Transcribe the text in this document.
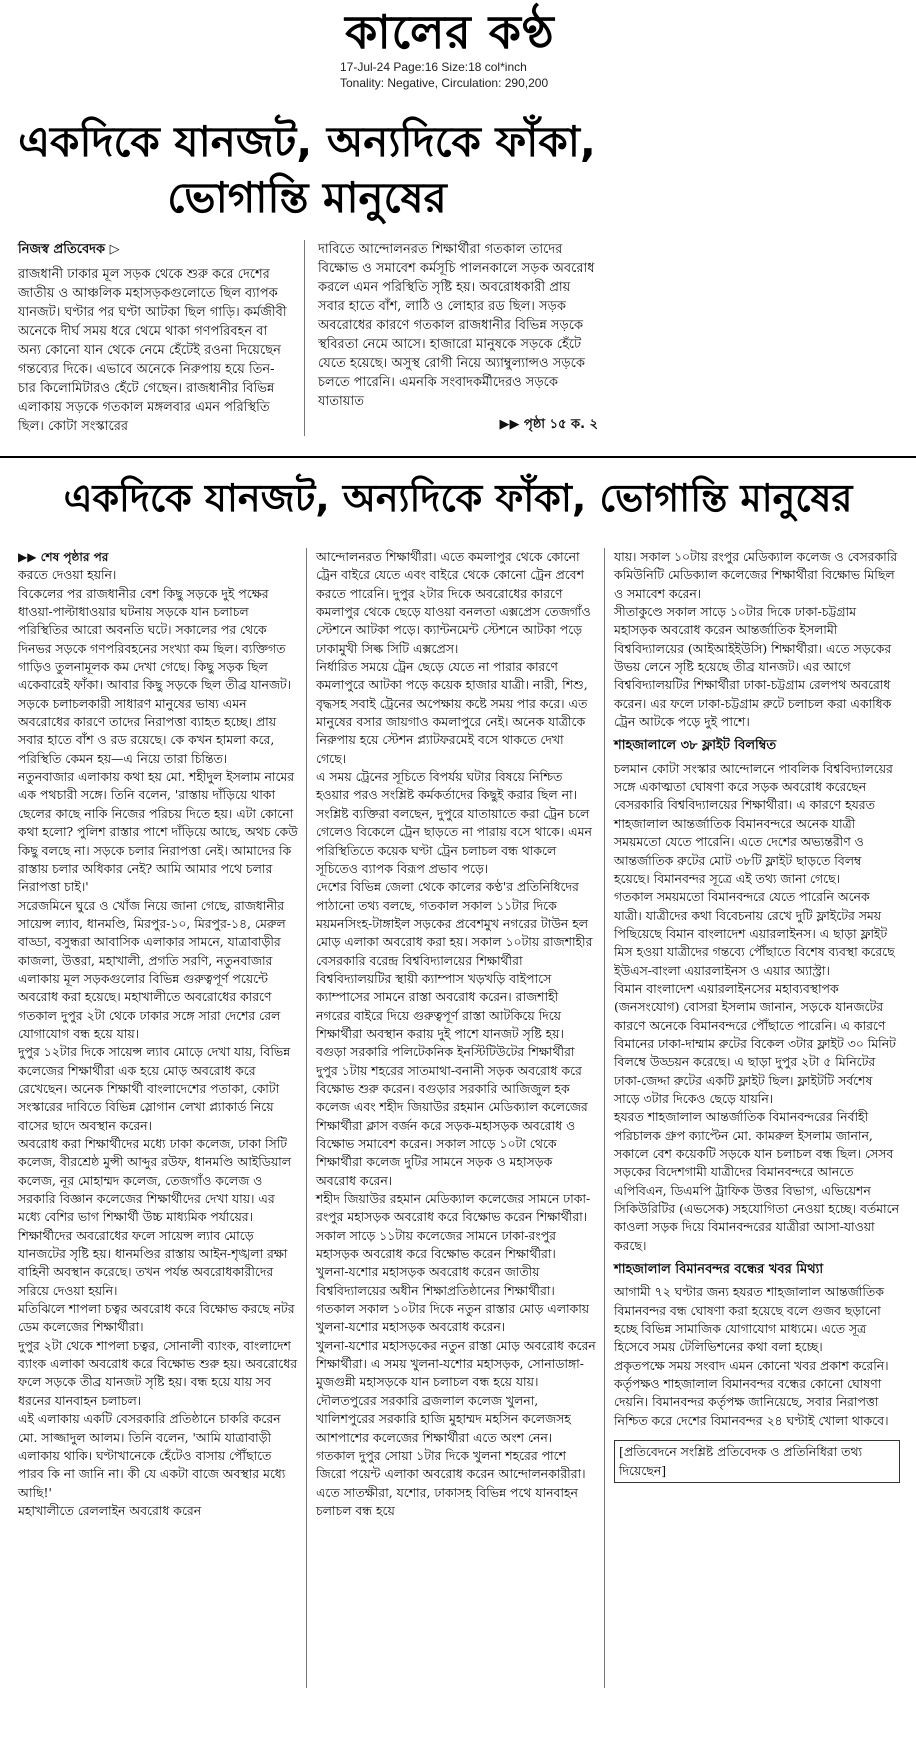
কালের কণ্ঠ
17-Jul-24 Page:16 Size:18 col*inch
Tonality: Negative, Circulation: 290,200
একদিকে যানজট, অন্যদিকে ফাঁকা, ভোগান্তি মানুষের

নিজস্ব প্রতিবেদক ▷

রাজধানী ঢাকার মূল সড়ক থেকে শুরু করে দেশের জাতীয় ও আঞ্চলিক মহাসড়কগুলোতে ছিল ব্যাপক যানজট। ঘণ্টার পর ঘণ্টা আটকা ছিল গাড়ি। কর্মজীবী অনেকে দীর্ঘ সময় ধরে থেমে থাকা গণপরিবহন বা অন্য কোনো যান থেকে নেমে হেঁটেই রওনা দিয়েছেন গন্তব্যের দিকে। এভাবে অনেকে নিরুপায় হয়ে তিন-চার কিলোমিটারও হেঁটে গেছেন। রাজধানীর বিভিন্ন এলাকায় সড়কে গতকাল মঙ্গলবার এমন পরিস্থিতি ছিল। কোটা সংস্কারের

দাবিতে আন্দোলনরত শিক্ষার্থীরা গতকাল তাদের বিক্ষোভ ও সমাবেশ কর্মসূচি পালনকালে সড়ক অবরোধ করলে এমন পরিস্থিতি সৃষ্টি হয়। অবরোধকারী প্রায় সবার হাতে বাঁশ, লাঠি ও লোহার রড ছিল। সড়ক অবরোধের কারণে গতকাল রাজধানীর বিভিন্ন সড়কে স্থবিরতা নেমে আসে। হাজারো মানুষকে সড়কে হেঁটে যেতে হয়েছে। অসুস্থ রোগী নিয়ে অ্যাম্বুল্যান্সও সড়কে চলতে পারেনি। এমনকি সংবাদকর্মীদেরও সড়কে যাতায়াত

▶▶ পৃষ্ঠা ১৫ ক. ২

একদিকে যানজট, অন্যদিকে ফাঁকা, ভোগান্তি মানুষের

▶▶ শেষ পৃষ্ঠার পর

করতে দেওয়া হয়নি।

বিকেলের পর রাজধানীর বেশ কিছু সড়কে দুই পক্ষের ধাওয়া-পাল্টাধাওয়ার ঘটনায় সড়কে যান চলাচল পরিস্থিতির আরো অবনতি ঘটে। সকালের পর থেকে দিনভর সড়কে গণপরিবহনের সংখ্যা কম ছিল। ব্যক্তিগত গাড়িও তুলনামূলক কম দেখা গেছে। কিছু সড়ক ছিল একেবারেই ফাঁকা। আবার কিছু সড়কে ছিল তীব্র যানজট।

সড়কে চলাচলকারী সাধারণ মানুষের ভাষ্য এমন অবরোধের কারণে তাদের নিরাপত্তা ব্যাহত হচ্ছে। প্রায় সবার হাতে বাঁশ ও রড রয়েছে। কে কখন হামলা করে, পরিস্থিতি কেমন হয়—এ নিয়ে তারা চিন্তিত।

নতুনবাজার এলাকায় কথা হয় মো. শহীদুল ইসলাম নামের এক পথচারী সঙ্গে। তিনি বলেন, 'রাস্তায় দাঁড়িয়ে থাকা ছেলের কাছে নাকি নিজের পরিচয় দিতে হয়। এটা কোনো কথা হলো? পুলিশ রাস্তার পাশে দাঁড়িয়ে আছে, অথচ কেউ কিছু বলছে না। সড়কে চলার নিরাপত্তা নেই। আমাদের কি রাস্তায় চলার অধিকার নেই? আমি আমার পথে চলার নিরাপত্তা চাই।'

সরেজমিনে ঘুরে ও খোঁজ নিয়ে জানা গেছে, রাজধানীর সায়েন্স ল্যাব, ধানমণ্ডি, মিরপুর-১০, মিরপুর-১৪, মেরুল বাড্ডা, বসুন্ধরা আবাসিক এলাকার সামনে, যাত্রাবাড়ীর কাজলা, উত্তরা, মহাখালী, প্রগতি সরণি, নতুনবাজার এলাকায় মূল সড়কগুলোর বিভিন্ন গুরুত্বপূর্ণ পয়েন্টে অবরোধ করা হয়েছে। মহাখালীতে অবরোধের কারণে গতকাল দুপুর ২টা থেকে ঢাকার সঙ্গে সারা দেশের রেল যোগাযোগ বন্ধ হয়ে যায়।

দুপুর ১২টার দিকে সায়েন্স ল্যাব মোড়ে দেখা যায়, বিভিন্ন কলেজের শিক্ষার্থীরা এক হয়ে মোড় অবরোধ করে রেখেছেন। অনেক শিক্ষার্থী বাংলাদেশের পতাকা, কোটা সংস্কারের দাবিতে বিভিন্ন স্লোগান লেখা প্ল্যাকার্ড নিয়ে বাসের ছাদে অবস্থান করেন।

অবরোধ করা শিক্ষার্থীদের মধ্যে ঢাকা কলেজ, ঢাকা সিটি কলেজ, বীরশ্রেষ্ঠ মুন্সী আব্দুর রউফ, ধানমণ্ডি আইডিয়াল কলেজ, নূর মোহাম্মদ কলেজ, তেজগাঁও কলেজ ও সরকারি বিজ্ঞান কলেজের শিক্ষার্থীদের দেখা যায়। এর মধ্যে বেশির ভাগ শিক্ষার্থী উচ্চ মাধ্যমিক পর্যায়ের।

শিক্ষার্থীদের অবরোধের ফলে সায়েন্স ল্যাব মোড়ে যানজটের সৃষ্টি হয়। ধানমণ্ডির রাস্তায় আইন-শৃঙ্খলা রক্ষা বাহিনী অবস্থান করেছে। তখন পর্যন্ত অবরোধকারীদের সরিয়ে দেওয়া হয়নি।

মতিঝিলে শাপলা চত্বর অবরোধ করে বিক্ষোভ করছে নটর ডেম কলেজের শিক্ষার্থীরা।

দুপুর ২টা থেকে শাপলা চত্বর, সোনালী ব্যাংক, বাংলাদেশ ব্যাংক এলাকা অবরোধ করে বিক্ষোভ শুরু হয়। অবরোধের ফলে সড়কে তীব্র যানজট সৃষ্টি হয়। বন্ধ হয়ে যায় সব ধরনের যানবাহন চলাচল।

এই এলাকায় একটি বেসরকারি প্রতিষ্ঠানে চাকরি করেন মো. সাজ্জাদুল আলম। তিনি বলেন, 'আমি যাত্রাবাড়ী এলাকায় থাকি। ঘণ্টাখানেকে হেঁটেও বাসায় পৌঁছাতে পারব কি না জানি না। কী যে একটা বাজে অবস্থার মধ্যে আছি!'

মহাখালীতে রেললাইন অবরোধ করেন

আন্দোলনরত শিক্ষার্থীরা। এতে কমলাপুর থেকে কোনো ট্রেন বাইরে যেতে এবং বাইরে থেকে কোনো ট্রেন প্রবেশ করতে পারেনি। দুপুর ২টার দিকে অবরোধের কারণে কমলাপুর থেকে ছেড়ে যাওয়া বনলতা এক্সপ্রেস তেজগাঁও স্টেশনে আটকা পড়ে। ক্যান্টনমেন্ট স্টেশনে আটকা পড়ে ঢাকামুখী সিল্ক সিটি এক্সপ্রেস।

নির্ধারিত সময়ে ট্রেন ছেড়ে যেতে না পারার কারণে কমলাপুরে আটকা পড়ে কয়েক হাজার যাত্রী। নারী, শিশু, বৃদ্ধসহ সবাই ট্রেনের অপেক্ষায় কষ্টে সময় পার করে। এত মানুষের বসার জায়গাও কমলাপুরে নেই। অনেক যাত্রীকে নিরুপায় হয়ে স্টেশন প্ল্যাটফরমেই বসে থাকতে দেখা গেছে।

এ সময় ট্রেনের সূচিতে বিপর্যয় ঘটার বিষয়ে নিশ্চিত হওয়ার পরও সংশ্লিষ্ট কর্মকর্তাদের কিছুই করার ছিল না। সংশ্লিষ্ট ব্যক্তিরা বলছেন, দুপুরে যাতায়াতে করা ট্রেন চলে গেলেও বিকেলে ট্রেন ছাড়তে না পারায় বসে থাকে। এমন পরিস্থিতিতে কয়েক ঘণ্টা ট্রেন চলাচল বন্ধ থাকলে সূচিতেও ব্যাপক বিরূপ প্রভাব পড়ে।

দেশের বিভিন্ন জেলা থেকে কালের কণ্ঠ'র প্রতিনিধিদের পাঠানো তথ্য বলছে, গতকাল সকাল ১১টার দিকে ময়মনসিংহ-টাঙ্গাইল সড়কের প্রবেশমুখ নগরের টাউন হল মোড় এলাকা অবরোধ করা হয়। সকাল ১০টায় রাজশাহীর বেসরকারি বরেন্দ্র বিশ্ববিদ্যালয়ের শিক্ষার্থীরা বিশ্ববিদ্যালয়টির স্থায়ী ক্যাম্পাস খড়খড়ি বাইপাসে ক্যাম্পাসের সামনে রাস্তা অবরোধ করেন। রাজশাহী নগরের বাইরে দিয়ে গুরুত্বপূর্ণ রাস্তা আটকিয়ে দিয়ে শিক্ষার্থীরা অবস্থান করায় দুই পাশে যানজট সৃষ্টি হয়।

বগুড়া সরকারি পলিটেকনিক ইনস্টিটিউটের শিক্ষার্থীরা দুপুর ১টায় শহরের সাতমাথা-বনানী সড়ক অবরোধ করে বিক্ষোভ শুরু করেন। বগুড়ার সরকারি আজিজুল হক কলেজ এবং শহীদ জিয়াউর রহমান মেডিক্যাল কলেজের শিক্ষার্থীরা ক্লাস বর্জন করে সড়ক-মহাসড়ক অবরোধ ও বিক্ষোভ সমাবেশ করেন। সকাল সাড়ে ১০টা থেকে শিক্ষার্থীরা কলেজ দুটির সামনে সড়ক ও মহাসড়ক অবরোধ করেন।

শহীদ জিয়াউর রহমান মেডিক্যাল কলেজের সামনে ঢাকা-রংপুর মহাসড়ক অবরোধ করে বিক্ষোভ করেন শিক্ষার্থীরা। সকাল সাড়ে ১১টায় কলেজের সামনে ঢাকা-রংপুর মহাসড়ক অবরোধ করে বিক্ষোভ করেন শিক্ষার্থীরা।

খুলনা-যশোর মহাসড়ক অবরোধ করেন জাতীয় বিশ্ববিদ্যালয়ের অধীন শিক্ষাপ্রতিষ্ঠানের শিক্ষার্থীরা। গতকাল সকাল ১০টার দিকে নতুন রাস্তার মোড় এলাকায় খুলনা-যশোর মহাসড়ক অবরোধ করেন।

খুলনা-যশোর মহাসড়কের নতুন রাস্তা মোড় অবরোধ করেন শিক্ষার্থীরা। এ সময় খুলনা-যশোর মহাসড়ক, সোনাডাঙ্গা-মুজগুন্নী মহাসড়কে যান চলাচল বন্ধ হয়ে যায়। দৌলতপুরের সরকারি ব্রজলাল কলেজ খুলনা, খালিশপুরের সরকারি হাজি মুহাম্মদ মহসিন কলেজসহ আশপাশের কলেজের শিক্ষার্থীরা এতে অংশ নেন।

গতকাল দুপুর সোয়া ১টার দিকে খুলনা শহরের পাশে জিরো পয়েন্ট এলাকা অবরোধ করেন আন্দোলনকারীরা। এতে সাতক্ষীরা, যশোর, ঢাকাসহ বিভিন্ন পথে যানবাহন চলাচল বন্ধ হয়ে

যায়। সকাল ১০টায় রংপুর মেডিক্যাল কলেজ ও বেসরকারি কমিউনিটি মেডিক্যাল কলেজের শিক্ষার্থীরা বিক্ষোভ মিছিল ও সমাবেশ করেন।

সীতাকুণ্ডে সকাল সাড়ে ১০টার দিকে ঢাকা-চট্টগ্রাম মহাসড়ক অবরোধ করেন আন্তর্জাতিক ইসলামী বিশ্ববিদ্যালয়ের (আইআইইউসি) শিক্ষার্থীরা। এতে সড়কের উভয় লেনে সৃষ্টি হয়েছে তীব্র যানজট। এর আগে বিশ্ববিদ্যালয়টির শিক্ষার্থীরা ঢাকা-চট্টগ্রাম রেলপথ অবরোধ করেন। এর ফলে ঢাকা-চট্টগ্রাম রুটে চলাচল করা একাধিক ট্রেন আটকে পড়ে দুই পাশে।

শাহজালালে ৩৮ ফ্লাইট বিলম্বিত

চলমান কোটা সংস্কার আন্দোলনে পাবলিক বিশ্ববিদ্যালয়ের সঙ্গে একাত্মতা ঘোষণা করে সড়ক অবরোধ করেছেন বেসরকারি বিশ্ববিদ্যালয়ের শিক্ষার্থীরা। এ কারণে হযরত শাহজালাল আন্তর্জাতিক বিমানবন্দরে অনেক যাত্রী সময়মতো যেতে পারেনি। এতে দেশের অভ্যন্তরীণ ও আন্তর্জাতিক রুটের মোট ৩৮টি ফ্লাইট ছাড়তে বিলম্ব হয়েছে। বিমানবন্দর সূত্রে এই তথ্য জানা গেছে।

গতকাল সময়মতো বিমানবন্দরে যেতে পারেনি অনেক যাত্রী। যাত্রীদের কথা বিবেচনায় রেখে দুটি ফ্লাইটের সময় পিছিয়েছে বিমান বাংলাদেশ এয়ারলাইনস। এ ছাড়া ফ্লাইট মিস হওয়া যাত্রীদের গন্তব্যে পৌঁছাতে বিশেষ ব্যবস্থা করেছে ইউএস-বাংলা এয়ারলাইনস ও এয়ার অ্যাস্ট্রা।

বিমান বাংলাদেশ এয়ারলাইনসের মহাব্যবস্থাপক (জনসংযোগ) বোসরা ইসলাম জানান, সড়কে যানজটের কারণে অনেকে বিমানবন্দরে পৌঁছাতে পারেনি। এ কারণে বিমানের ঢাকা-দাম্মাম রুটের বিকেল ৩টার ফ্লাইট ৩০ মিনিট বিলম্বে উড্ডয়ন করেছে। এ ছাড়া দুপুর ২টা ৫ মিনিটের ঢাকা-জেদ্দা রুটের একটি ফ্লাইট ছিল। ফ্লাইটটি সর্বশেষ সাড়ে ৩টার দিকেও ছেড়ে যায়নি।

হযরত শাহজালাল আন্তর্জাতিক বিমানবন্দরের নির্বাহী পরিচালক গ্রুপ ক্যাপ্টেন মো. কামরুল ইসলাম জানান, সকালে বেশ কয়েকটি সড়কে যান চলাচল বন্ধ ছিল। সেসব সড়কের বিদেশগামী যাত্রীদের বিমানবন্দরে আনতে এপিবিএন, ডিএমপি ট্রাফিক উত্তর বিভাগ, এভিয়েশন সিকিউরিটির (এভসেক) সহযোগিতা নেওয়া হচ্ছে। বর্তমানে কাওলা সড়ক দিয়ে বিমানবন্দরের যাত্রীরা আসা-যাওয়া করছে।

শাহজালাল বিমানবন্দর বন্ধের খবর মিথ্যা

আগামী ৭২ ঘণ্টার জন্য হযরত শাহজালাল আন্তর্জাতিক বিমানবন্দর বন্ধ ঘোষণা করা হয়েছে বলে গুজব ছড়ানো হচ্ছে বিভিন্ন সামাজিক যোগাযোগ মাধ্যমে। এতে সূত্র হিসেবে সময় টেলিভিশনের কথা বলা হচ্ছে।

প্রকৃতপক্ষে সময় সংবাদ এমন কোনো খবর প্রকাশ করেনি। কর্তৃপক্ষও শাহজালাল বিমানবন্দর বন্ধের কোনো ঘোষণা দেয়নি। বিমানবন্দর কর্তৃপক্ষ জানিয়েছে, সবার নিরাপত্তা নিশ্চিত করে দেশের বিমানবন্দর ২৪ ঘণ্টাই খোলা থাকবে।

[প্রতিবেদনে সংশ্লিষ্ট প্রতিবেদক ও প্রতিনিধিরা তথ্য দিয়েছেন]
